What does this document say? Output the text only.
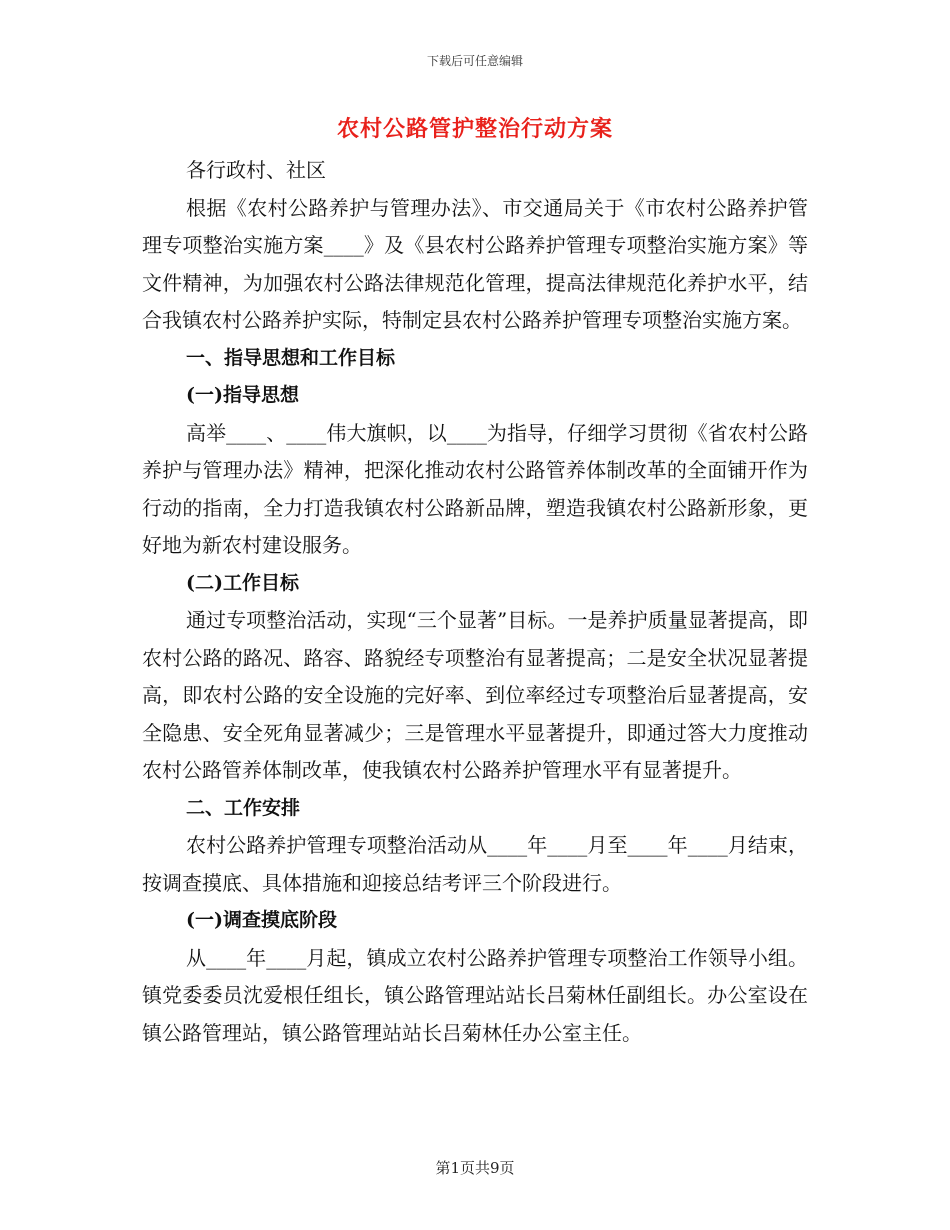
下载后可任意编辑
农村公路管护整治行动方案

各行政村、社区

根据《农村公路养护与管理办法》、市交通局关于《市农村公路养护管理专项整治实施方案____》及《县农村公路养护管理专项整治实施方案》等文件精神，为加强农村公路法律规范化管理，提高法律规范化养护水平，结合我镇农村公路养护实际，特制定县农村公路养护管理专项整治实施方案。

一、指导思想和工作目标

(一)指导思想

高举____、____伟大旗帜，以____为指导，仔细学习贯彻《省农村公路养护与管理办法》精神，把深化推动农村公路管养体制改革的全面铺开作为行动的指南，全力打造我镇农村公路新品牌，塑造我镇农村公路新形象，更好地为新农村建设服务。

(二)工作目标

通过专项整治活动，实现“三个显著”目标。一是养护质量显著提高，即农村公路的路况、路容、路貌经专项整治有显著提高；二是安全状况显著提高，即农村公路的安全设施的完好率、到位率经过专项整治后显著提高，安全隐患、安全死角显著减少；三是管理水平显著提升，即通过答大力度推动农村公路管养体制改革，使我镇农村公路养护管理水平有显著提升。

二、工作安排

农村公路养护管理专项整治活动从____年____月至____年____月结束，按调查摸底、具体措施和迎接总结考评三个阶段进行。

(一)调查摸底阶段

从____年____月起，镇成立农村公路养护管理专项整治工作领导小组。镇党委委员沈爱根任组长，镇公路管理站站长吕菊林任副组长。办公室设在镇公路管理站，镇公路管理站站长吕菊林任办公室主任。

第1页共9页
